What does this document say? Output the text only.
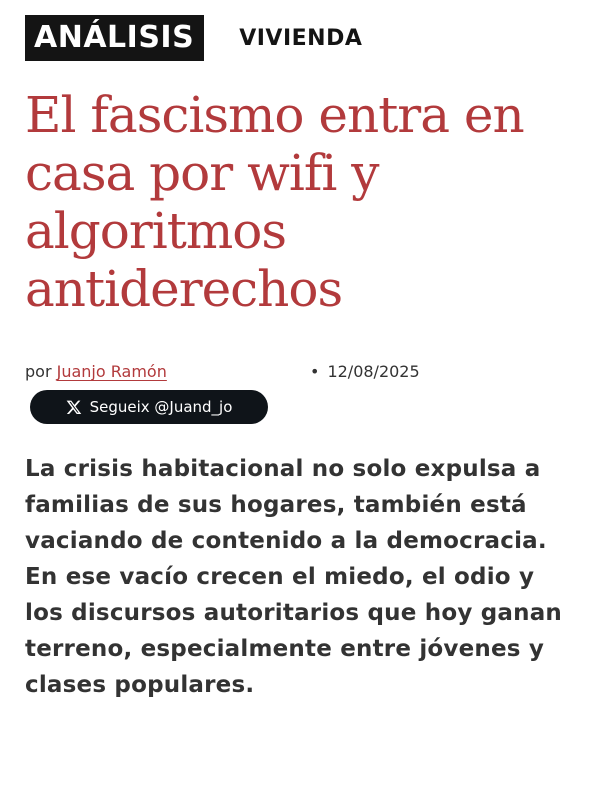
ANÁLISIS	VIVIENDA
El fascismo entra en casa por wifi y algoritmos antiderechos
por Juanjo Ramón	• 12/08/2025
Segueix @Juand_jo

La crisis habitacional no solo expulsa a familias de sus hogares, también está vaciando de contenido a la democracia. En ese vacío crecen el miedo, el odio y los discursos autoritarios que hoy ganan terreno, especialmente entre jóvenes y clases populares.
